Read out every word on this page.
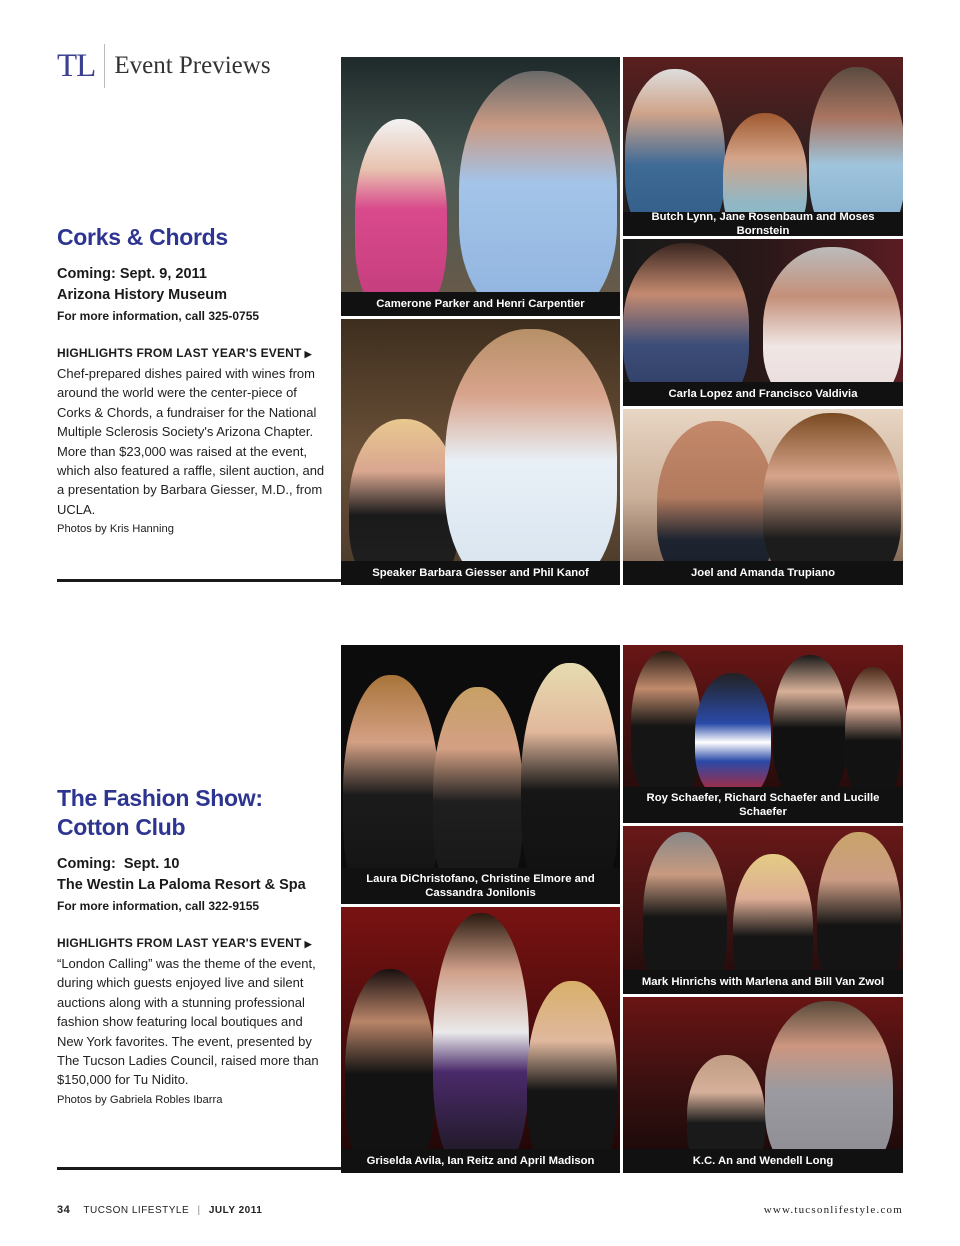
TL Event Previews
Corks & Chords
Coming: Sept. 9, 2011
Arizona History Museum
For more information, call 325-0755
HIGHLIGHTS FROM LAST YEAR'S EVENT ▶
Chef-prepared dishes paired with wines from around the world were the center-piece of Corks & Chords, a fundraiser for the National Multiple Sclerosis Society's Arizona Chapter. More than $23,000 was raised at the event, which also featured a raffle, silent auction, and a presentation by Barbara Giesser, M.D., from UCLA.
Photos by Kris Hanning
Camerone Parker and Henri Carpentier
Butch Lynn, Jane Rosenbaum and Moses Bornstein
Carla Lopez and Francisco Valdivia
Speaker Barbara Giesser and Phil Kanof	Joel and Amanda Trupiano
The Fashion Show:
Cotton Club
Coming:  Sept. 10
The Westin La Paloma Resort & Spa
For more information, call 322-9155
HIGHLIGHTS FROM LAST YEAR'S EVENT ▶
“London Calling” was the theme of the event, during which guests enjoyed live and silent auctions along with a stunning professional fashion show featuring local boutiques and New York favorites. The event, presented by The Tucson Ladies Council, raised more than $150,000 for Tu Nidito.
Photos by Gabriela Robles Ibarra
Roy Schaefer, Richard Schaefer and Lucille Schaefer
Laura DiChristofano, Christine Elmore and Cassandra Jonilonis
Mark Hinrichs with Marlena and Bill Van Zwol
Griselda Avila, Ian Reitz and April Madison	K.C. An and Wendell Long
34 TUCSON LIFESTYLE | JULY 2011	www.tucsonlifestyle.com
